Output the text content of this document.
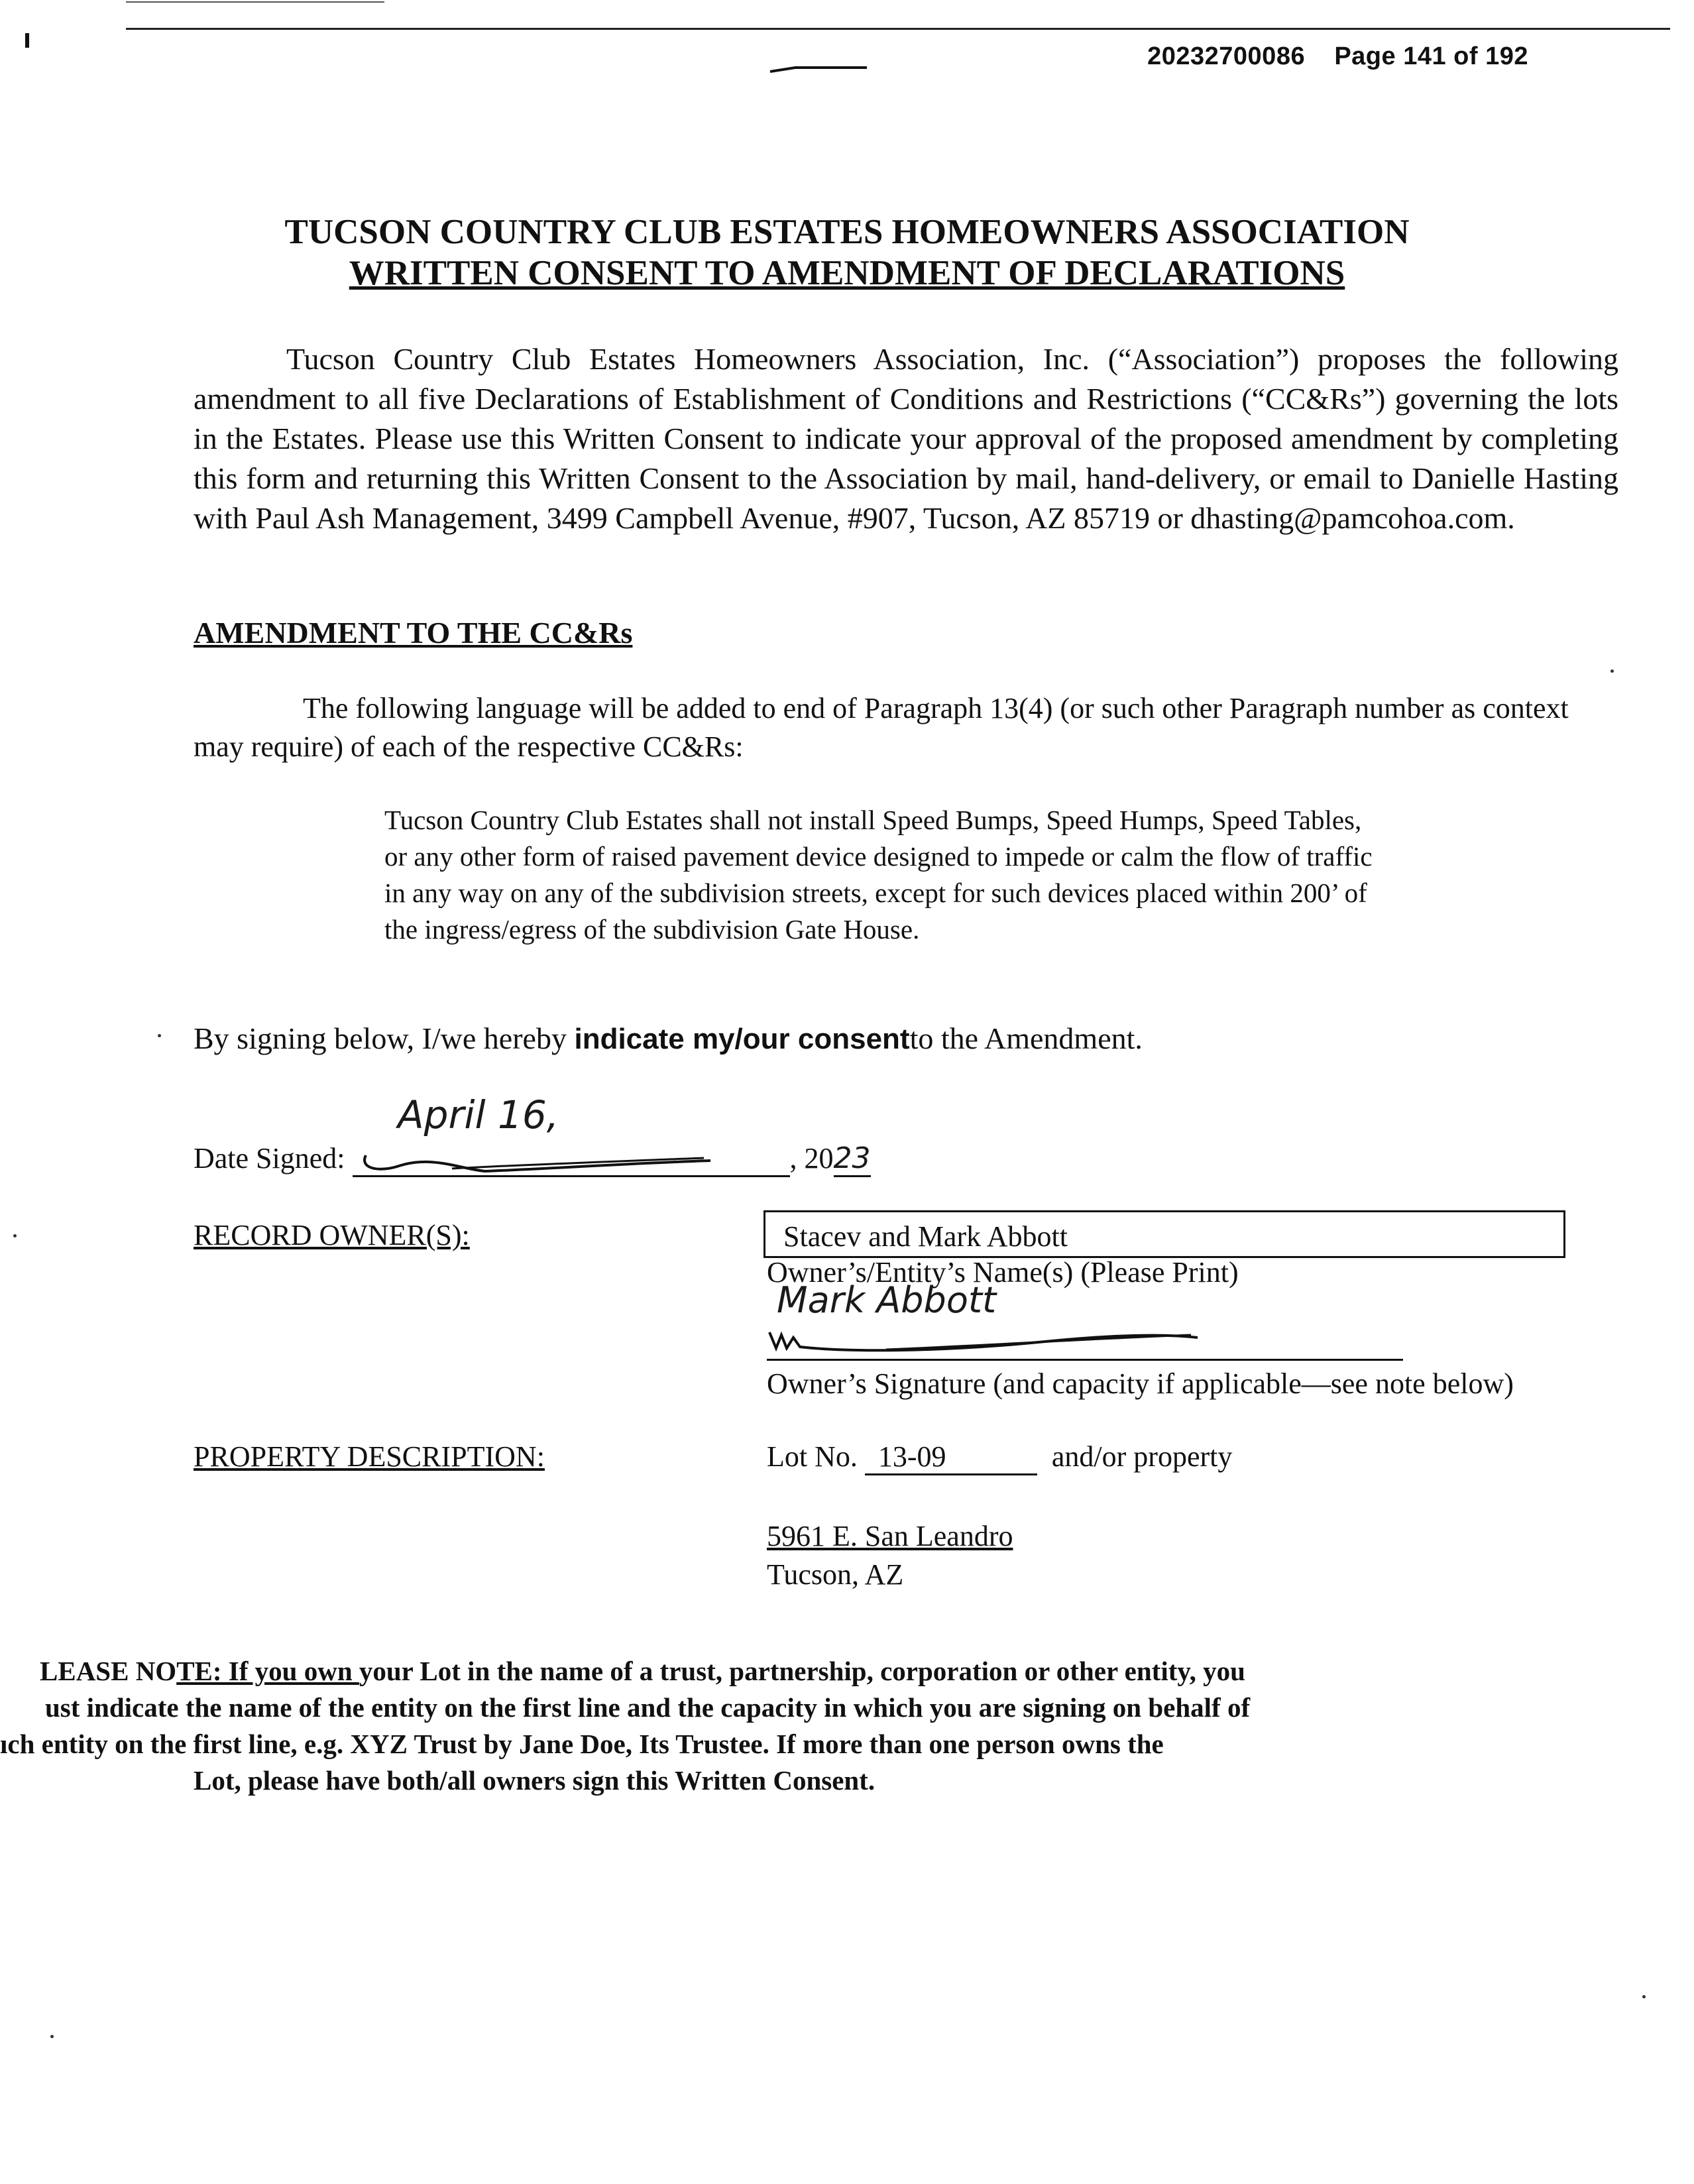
20232700086 Page 141 of 192
TUCSON COUNTRY CLUB ESTATES HOMEOWNERS ASSOCIATION
WRITTEN CONSENT TO AMENDMENT OF DECLARATIONS
Tucson Country Club Estates Homeowners Association, Inc. (“Association”) proposes the following amendment to all five Declarations of Establishment of Conditions and Restrictions (“CC&Rs”) governing the lots in the Estates. Please use this Written Consent to indicate your approval of the proposed amendment by completing this form and returning this Written Consent to the Association by mail, hand-delivery, or email to Danielle Hasting with Paul Ash Management, 3499 Campbell Avenue, #907, Tucson, AZ 85719 or dhasting@pamcohoa.com.
AMENDMENT TO THE CC&Rs
The following language will be added to end of Paragraph 13(4) (or such other Paragraph number as context may require) of each of the respective CC&Rs:
Tucson Country Club Estates shall not install Speed Bumps, Speed Humps, Speed Tables, or any other form of raised pavement device designed to impede or calm the flow of traffic in any way on any of the subdivision streets, except for such devices placed within 200’ of the ingress/egress of the subdivision Gate House.
By signing below, I/we hereby indicate my/our consentto the Amendment.
April 16,
Date Signed:	, 2023
RECORD OWNER(S):	Stacev and Mark Abbott
Owner’s/Entity’s Name(s) (Please Print)
Mark Abbott
Owner’s Signature (and capacity if applicable—see note below)
PROPERTY DESCRIPTION:	Lot No. 13-09	and/or property
5961 E. San Leandro
Tucson, AZ
LEASE NOTE: If you own your Lot in the name of a trust, partnership, corporation or other entity, you
ust indicate the name of the entity on the first line and the capacity in which you are signing on behalf of
ıch entity on the first line, e.g. XYZ Trust by Jane Doe, Its Trustee. If more than one person owns the
Lot, please have both/all owners sign this Written Consent.
